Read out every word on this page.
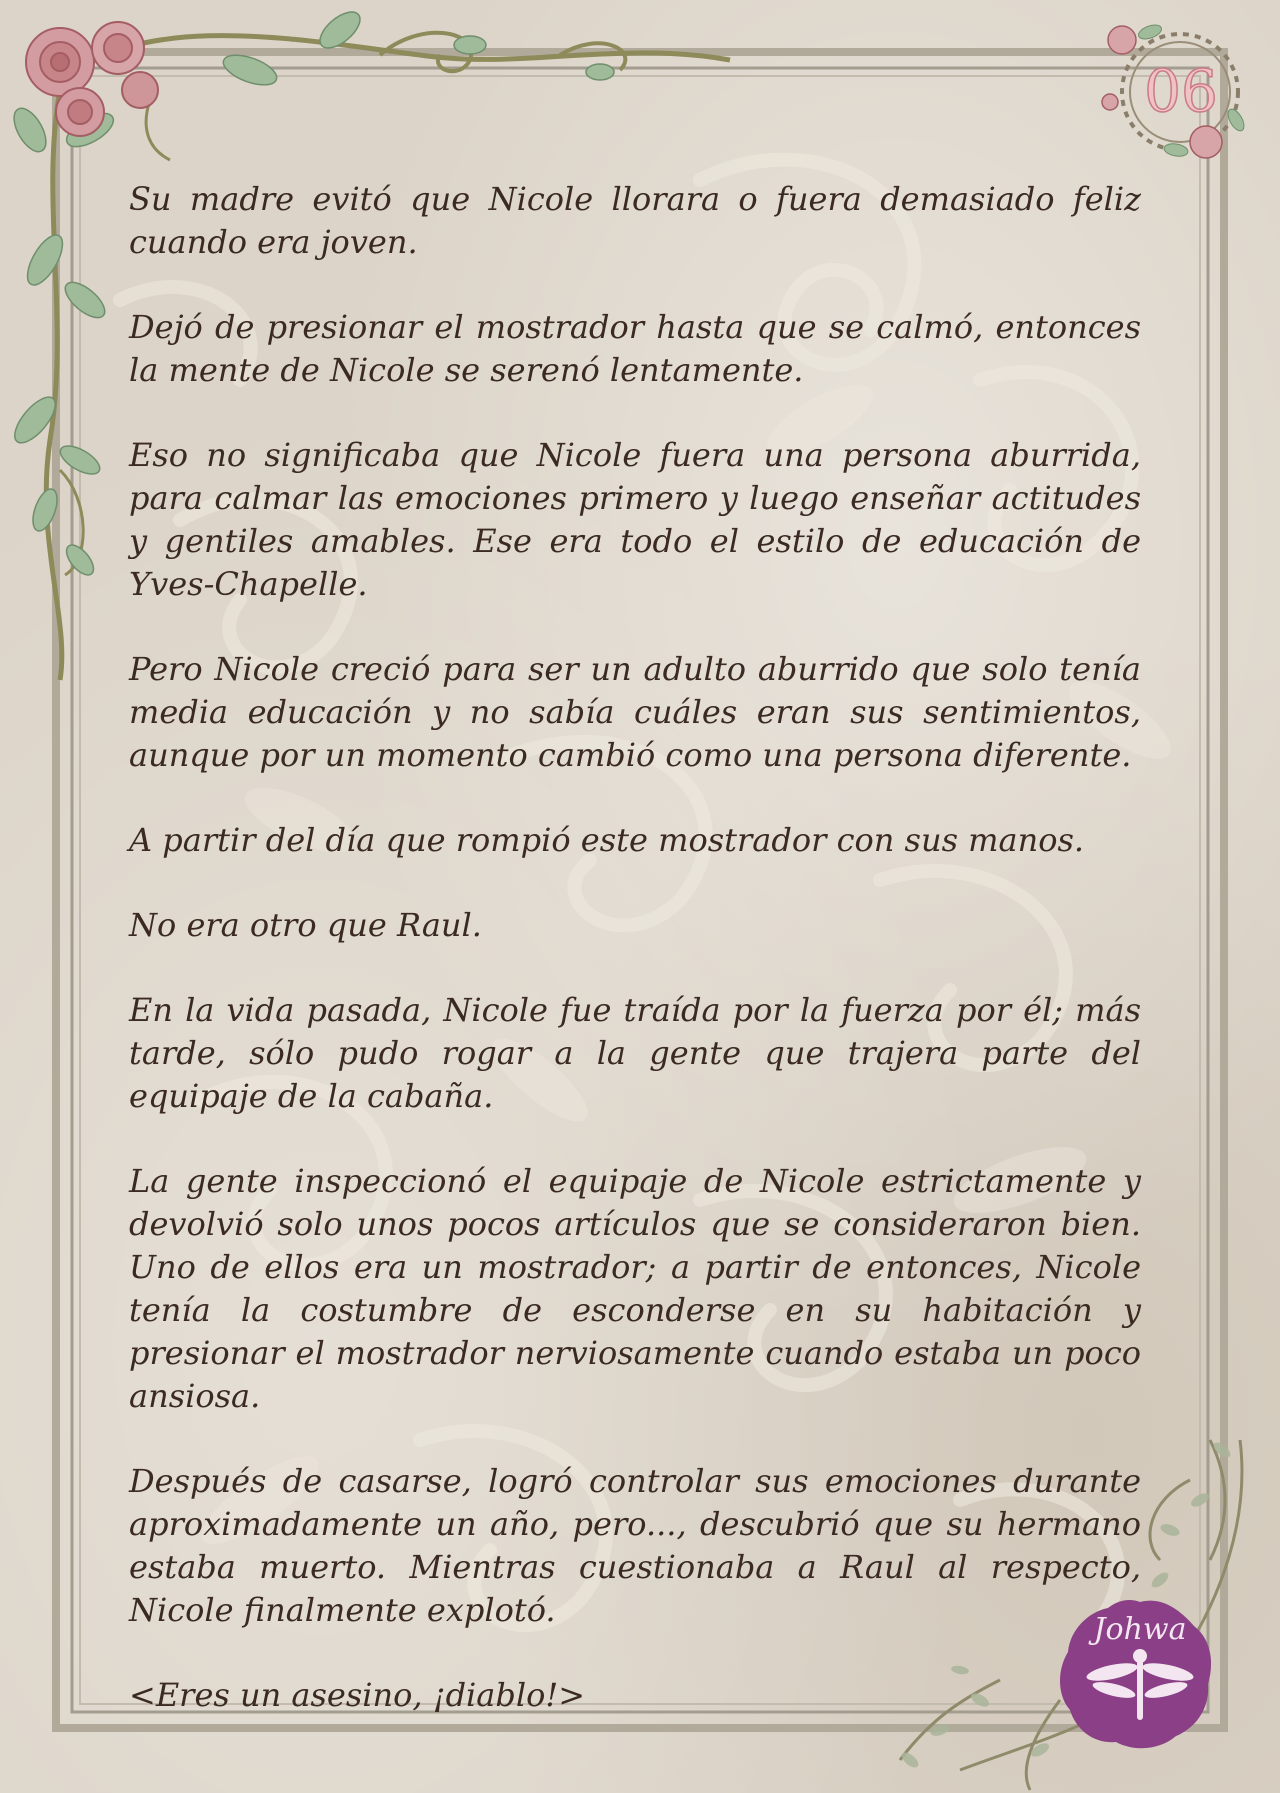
06
Johwa

Su madre evitó que Nicole llorara o fuera demasiado feliz cuando era joven.

Dejó de presionar el mostrador hasta que se calmó, entonces la mente de Nicole se serenó lentamente.

Eso no significaba que Nicole fuera una persona aburrida, para calmar las emociones primero y luego enseñar actitudes y gentiles amables. Ese era todo el estilo de educación de Yves-Chapelle.

Pero Nicole creció para ser un adulto aburrido que solo tenía media educación y no sabía cuáles eran sus sentimientos, aunque por un momento cambió como una persona diferente.

A partir del día que rompió este mostrador con sus manos.

No era otro que Raul.

En la vida pasada, Nicole fue traída por la fuerza por él; más tarde, sólo pudo rogar a la gente que trajera parte del equipaje de la cabaña.

La gente inspeccionó el equipaje de Nicole estrictamente y devolvió solo unos pocos artículos que se consideraron bien. Uno de ellos era un mostrador; a partir de entonces, Nicole tenía la costumbre de esconderse en su habitación y presionar el mostrador nerviosamente cuando estaba un poco ansiosa.

Después de casarse, logró controlar sus emociones durante aproximadamente un año, pero..., descubrió que su hermano estaba muerto. Mientras cuestionaba a Raul al respecto, Nicole finalmente explotó.

<Eres un asesino, ¡diablo!>
